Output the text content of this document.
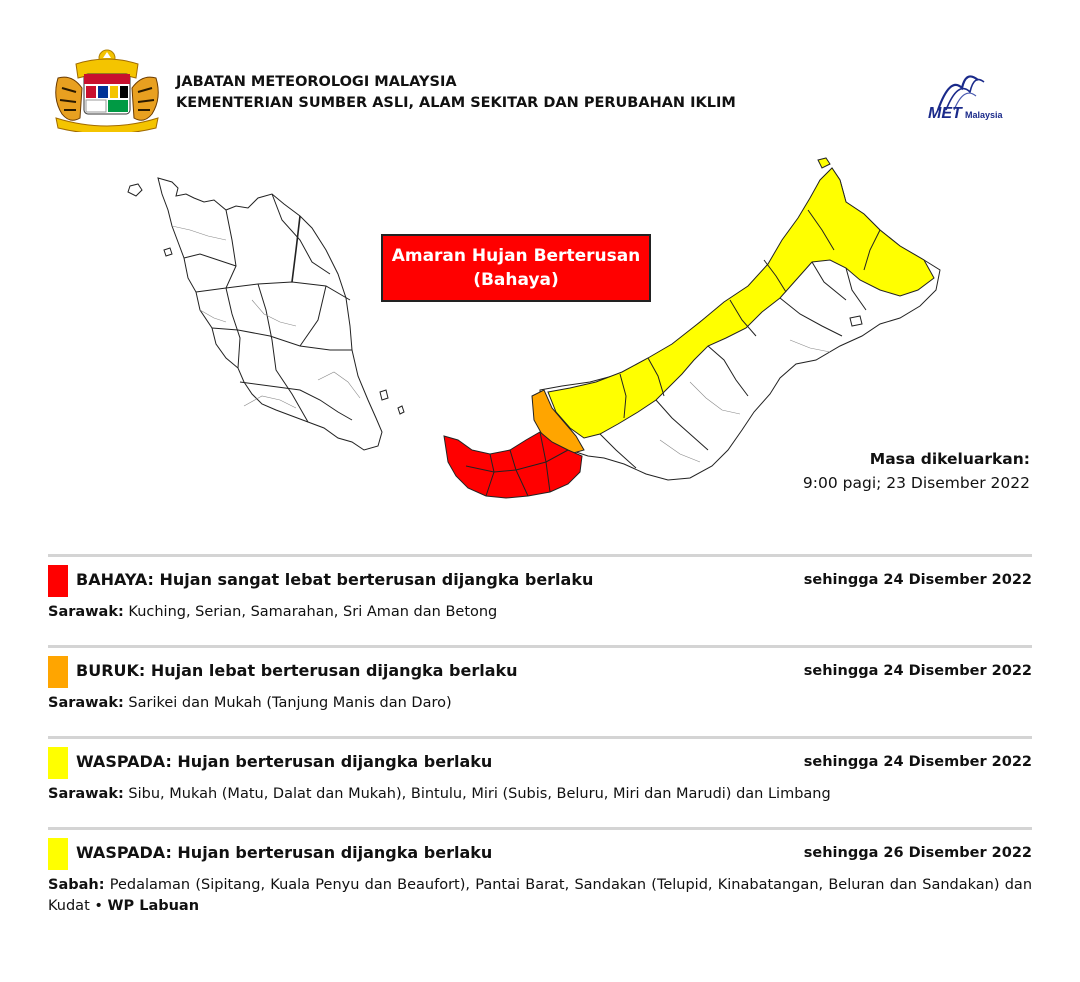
JABATAN METEOROLOGI MALAYSIA
KEMENTERIAN SUMBER ASLI, ALAM SEKITAR DAN PERUBAHAN IKLIM
MET Malaysia
Amaran Hujan Berterusan
(Bahaya)
Masa dikeluarkan:
9:00 pagi; 23 Disember 2022
BAHAYA: Hujan sangat lebat berterusan dijangka berlaku	sehingga 24 Disember 2022
Sarawak: Kuching, Serian, Samarahan, Sri Aman dan Betong
BURUK: Hujan lebat berterusan dijangka berlaku	sehingga 24 Disember 2022
Sarawak: Sarikei dan Mukah (Tanjung Manis dan Daro)
WASPADA: Hujan berterusan dijangka berlaku	sehingga 24 Disember 2022
Sarawak: Sibu, Mukah (Matu, Dalat dan Mukah), Bintulu, Miri (Subis, Beluru, Miri dan Marudi) dan Limbang
WASPADA: Hujan berterusan dijangka berlaku	sehingga 26 Disember 2022
Sabah: Pedalaman (Sipitang, Kuala Penyu dan Beaufort), Pantai Barat, Sandakan (Telupid, Kinabatangan, Beluran dan Sandakan) dan Kudat • WP Labuan
